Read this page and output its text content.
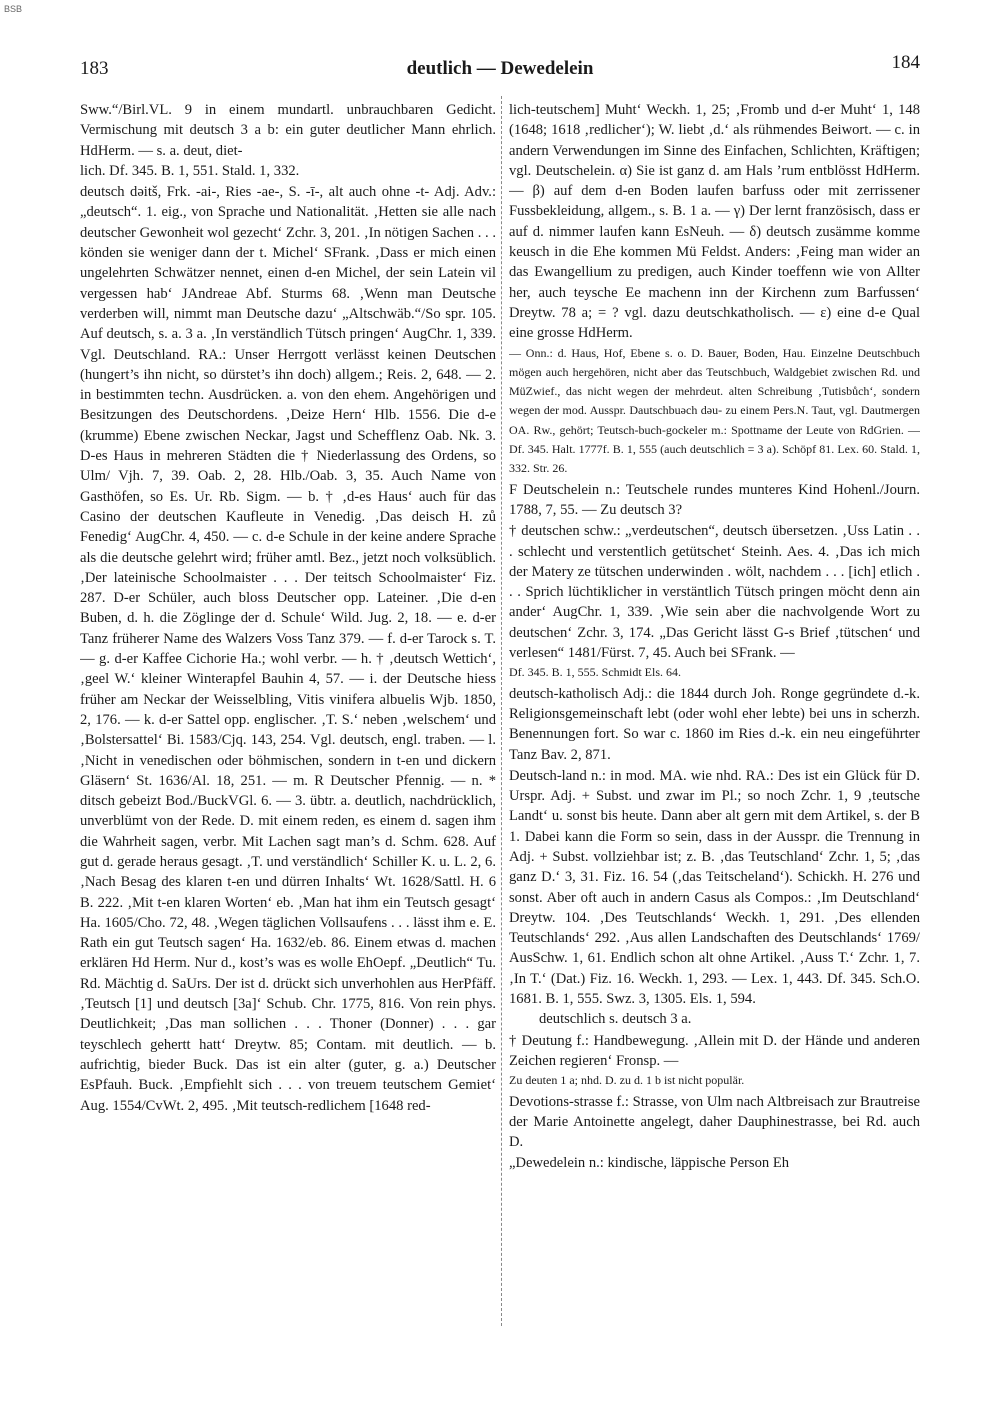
BSB
183	deutlich — Dewedelein	184

Sww.“/Birl.VL. 9 in einem mundartl. unbrauchbaren Gedicht. Vermischung mit deutsch 3 a b: ein guter deutlicher Mann ehrlich. HdHerm. — s. a. deut, diet-

lich. Df. 345. B. 1, 551. Stald. 1, 332.

deutsch dəitš, Frk. -ai-, Ries -ae-, S. -ī-, alt auch ohne -t- Adj. Adv.: „deutsch“. 1. eig., von Sprache und Nationalität. ‚Hetten sie alle nach deutscher Gewonheit wol gezecht‘ Zchr. 3, 201. ‚In nötigen Sachen . . . könden sie weniger dann der t. Michel‘ SFrank. ‚Dass er mich einen ungelehrten Schwätzer nennet, einen d-en Michel, der sein Latein vil vergessen hab‘ JAndreae Abf. Sturms 68. ‚Wenn man Deutsche verderben will, nimmt man Deutsche dazu‘ „Altschwäb.“/So spr. 105. Auf deutsch, s. a. 3 a. ‚In verständlich Tütsch pringen‘ AugChr. 1, 339. Vgl. Deutschland. RA.: Unser Herrgott verlässt keinen Deutschen (hungert’s ihn nicht, so dürstet’s ihn doch) allgem.; Reis. 2, 648. — 2. in bestimmten techn. Ausdrücken. a. von den ehem. Angehörigen und Besitzungen des Deutschordens. ‚Deize Hern‘ Hlb. 1556. Die d-e (krumme) Ebene zwischen Neckar, Jagst und Schefflenz Oab. Nk. 3. D-es Haus in mehreren Städten die † Niederlassung des Ordens, so Ulm/ Vjh. 7, 39. Oab. 2, 28. Hlb./Oab. 3, 35. Auch Name von Gasthöfen, so Es. Ur. Rb. Sigm. — b. † ‚d-es Haus‘ auch für das Casino der deutschen Kaufleute in Venedig. ‚Das deisch H. zů Fenedig‘ AugChr. 4, 450. — c. d-e Schule in der keine andere Sprache als die deutsche gelehrt wird; früher amtl. Bez., jetzt noch volksüblich. ‚Der lateinische Schoolmaister . . . Der teitsch Schoolmaister‘ Fiz. 287. D-er Schüler, auch bloss Deutscher opp. Lateiner. ‚Die d-en Buben, d. h. die Zöglinge der d. Schule‘ Wild. Jug. 2, 18. — e. d-er Tanz früherer Name des Walzers Voss Tanz 379. — f. d-er Tarock s. T. — g. d-er Kaffee Cichorie Ha.; wohl verbr. — h. † ‚deutsch Wettich‘, ‚geel W.‘ kleiner Winterapfel Bauhin 4, 57. — i. der Deutsche hiess früher am Neckar der Weisselbling, Vitis vinifera albuelis Wjb. 1850, 2, 176. — k. d-er Sattel opp. englischer. ‚T. S.‘ neben ‚welschem‘ und ‚Bolstersattel‘ Bi. 1583/Cjq. 143, 254. Vgl. deutsch, engl. traben. — l. ‚Nicht in venedischen oder böhmischen, sondern in t-en und dickern Gläsern‘ St. 1636/Al. 18, 251. — m. R Deutscher Pfennig. — n. * ditsch gebeizt Bod./BuckVGl. 6. — 3. übtr. a. deutlich, nachdrücklich, unverblümt von der Rede. D. mit einem reden, es einem d. sagen ihm die Wahrheit sagen, verbr. Mit Lachen sagt man’s d. Schm. 628. Auf gut d. gerade heraus gesagt. ‚T. und verständlich‘ Schiller K. u. L. 2, 6. ‚Nach Besag des klaren t-en und dürren Inhalts‘ Wt. 1628/Sattl. H. 6 B. 222. ‚Mit t-en klaren Worten‘ eb. ‚Man hat ihm ein Teutsch gesagt‘ Ha. 1605/Cho. 72, 48. ‚Wegen täglichen Vollsaufens . . . lässt ihm e. E. Rath ein gut Teutsch sagen‘ Ha. 1632/eb. 86. Einem etwas d. machen erklären Hd Herm. Nur d., kost’s was es wolle EhOepf. „Deutlich“ Tu. Rd. Mächtig d. SaUrs. Der ist d. drückt sich unverhohlen aus HerPfäff. ‚Teutsch [1] und deutsch [3a]‘ Schub. Chr. 1775, 816. Von rein phys. Deutlichkeit; ‚Das man sollichen . . . Thoner (Donner) . . . gar teyschlech gehertt hatt‘ Dreytw. 85; Contam. mit deutlich. — b. aufrichtig, bieder Buck. Das ist ein alter (guter, g. a.) Deutscher EsPfauh. Buck. ‚Empfiehlt sich . . . von treuem teutschem Gemiet‘ Aug. 1554/CvWt. 2, 495. ‚Mit teutsch-redlichem [1648 red-

lich-teutschem] Muht‘ Weckh. 1, 25; ‚Fromb und d-er Muht‘ 1, 148 (1648; 1618 ‚redlicher‘); W. liebt ‚d.‘ als rühmendes Beiwort. — c. in andern Verwendungen im Sinne des Einfachen, Schlichten, Kräftigen; vgl. Deutschelein. α) Sie ist ganz d. am Hals ’rum entblösst HdHerm. — β) auf dem d-en Boden laufen barfuss oder mit zerrissener Fussbekleidung, allgem., s. B. 1 a. — γ) Der lernt französisch, dass er auf d. nimmer laufen kann EsNeuh. — δ) deutsch zusämme komme keusch in die Ehe kommen Mü Feldst. Anders: ‚Feing man wider an das Ewangellium zu predigen, auch Kinder toeffenn wie von Allter her, auch teysche Ee machenn inn der Kirchenn zum Barfussen‘ Dreytw. 78 a; = ? vgl. dazu deutschkatholisch. — ε) eine d-e Qual eine grosse HdHerm.

— Onn.: d. Haus, Hof, Ebene s. o. D. Bauer, Boden, Hau. Einzelne Deutschbuch mögen auch hergehören, nicht aber das Teutschbuch, Waldgebiet zwischen Rd. und MüZwief., das nicht wegen der mehrdeut. alten Schreibung ‚Tutisbůch‘, sondern wegen der mod. Ausspr. Dautschbuəch dəu- zu einem Pers.N. Taut, vgl. Dautmergen OA. Rw., gehört; Teutsch-buch-gockeler m.: Spottname der Leute von RdGrien. — Df. 345. Halt. 1777f. B. 1, 555 (auch deutschlich = 3 a). Schöpf 81. Lex. 60. Stald. 1, 332. Str. 26.

F Deutschelein n.: Teutschele rundes munteres Kind Hohenl./Journ. 1788, 7, 55. — Zu deutsch 3?

† deutschen schw.: „verdeutschen“, deutsch übersetzen. ‚Uss Latin . . . schlecht und verstentlich getütschet‘ Steinh. Aes. 4. ‚Das ich mich der Matery ze tütschen underwinden . wölt, nachdem . . . [ich] etlich . . . Sprich lüchtiklicher in verstäntlich Tütsch pringen möcht denn ain ander‘ AugChr. 1, 339. ‚Wie sein aber die nachvolgende Wort zu deutschen‘ Zchr. 3, 174. „Das Gericht lässt G-s Brief ‚tütschen‘ und verlesen“ 1481/Fürst. 7, 45. Auch bei SFrank. —

Df. 345. B. 1, 555. Schmidt Els. 64.

deutsch-katholisch Adj.: die 1844 durch Joh. Ronge gegründete d.-k. Religionsgemeinschaft lebt (oder wohl eher lebte) bei uns in scherzh. Benennungen fort. So war c. 1860 im Ries d.-k. ein neu eingeführter Tanz Bav. 2, 871.

Deutsch-land n.: in mod. MA. wie nhd. RA.: Des ist ein Glück für D. Urspr. Adj. + Subst. und zwar im Pl.; so noch Zchr. 1, 9 ‚teutsche Landt‘ u. sonst bis heute. Dann aber alt gern mit dem Artikel, s. der B 1. Dabei kann die Form so sein, dass in der Ausspr. die Trennung in Adj. + Subst. vollziehbar ist; z. B. ‚das Teutschland‘ Zchr. 1, 5; ‚das ganz D.‘ 3, 31. Fiz. 16. 54 (‚das Teitscheland‘). Schickh. H. 276 und sonst. Aber oft auch in andern Casus als Compos.: ‚Im Deutschland‘ Dreytw. 104. ‚Des Teutschlands‘ Weckh. 1, 291. ‚Des ellenden Teutschlands‘ 292. ‚Aus allen Landschaften des Deutschlands‘ 1769/ AusSchw. 1, 61. Endlich schon alt ohne Artikel. ‚Auss T.‘ Zchr. 1, 7. ‚In T.‘ (Dat.) Fiz. 16. Weckh. 1, 293. — Lex. 1, 443. Df. 345. Sch.O. 1681. B. 1, 555. Swz. 3, 1305. Els. 1, 594.

deutschlich s. deutsch 3 a.

† Deutung f.: Handbewegung. ‚Allein mit D. der Hände und anderen Zeichen regieren‘ Fronsp. —

Zu deuten 1 a; nhd. D. zu d. 1 b ist nicht populär.

Devotions-strasse f.: Strasse, von Ulm nach Altbreisach zur Brautreise der Marie Antoinette angelegt, daher Dauphinestrasse, bei Rd. auch D.

„Dewedelein n.: kindische, läppische Person Eh
